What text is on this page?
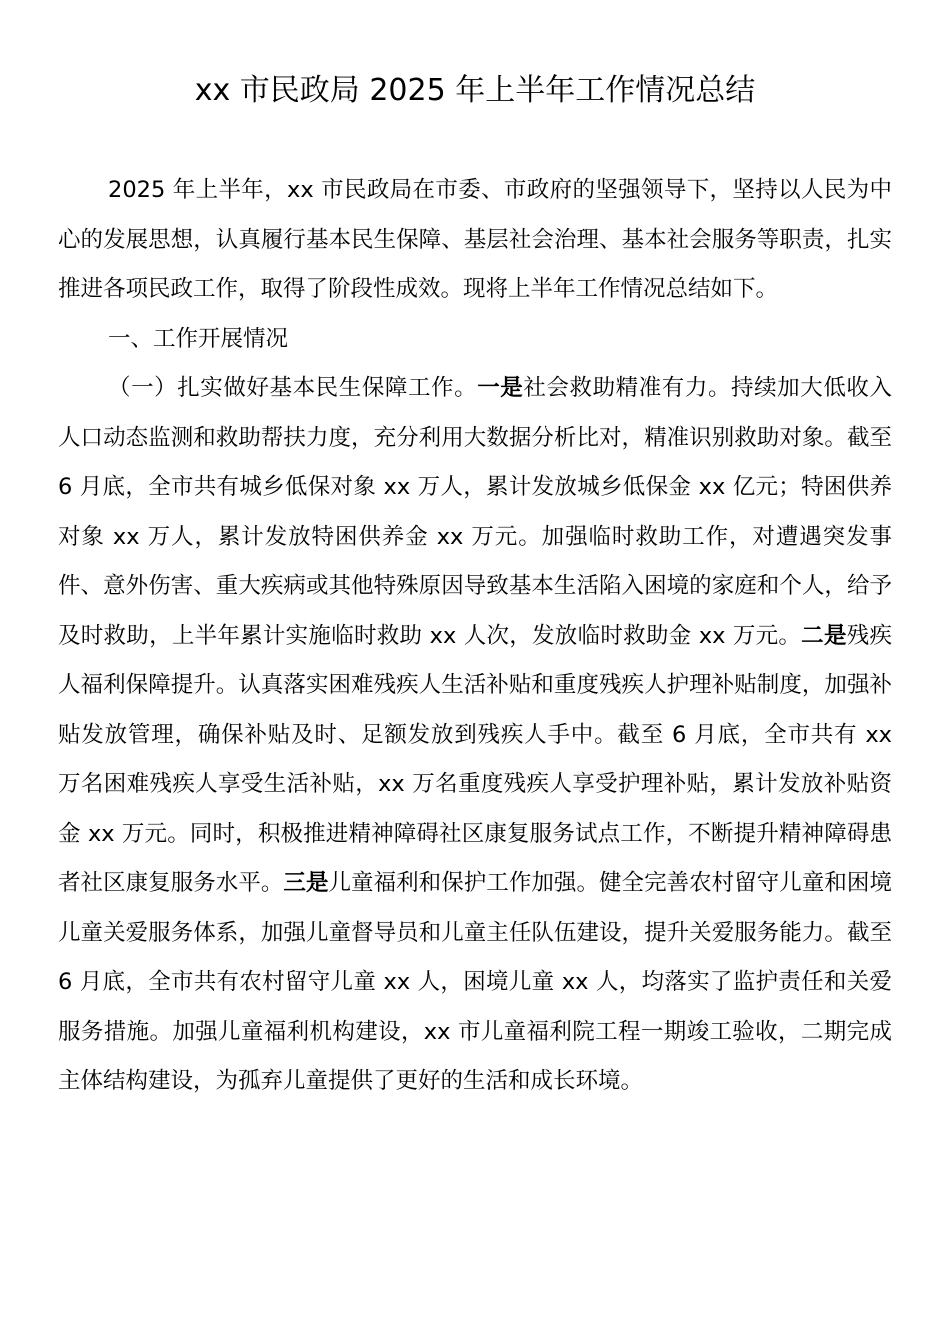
xx 市民政局 2025 年上半年工作情况总结

2025 年上半年，xx 市民政局在市委、市政府的坚强领导下，坚持以人民为中心的发展思想，认真履行基本民生保障、基层社会治理、基本社会服务等职责，扎实推进各项民政工作，取得了阶段性成效。现将上半年工作情况总结如下。

一、工作开展情况

（一）扎实做好基本民生保障工作。一是社会救助精准有力。持续加大低收入人口动态监测和救助帮扶力度，充分利用大数据分析比对，精准识别救助对象。截至 6 月底，全市共有城乡低保对象 xx 万人，累计发放城乡低保金 xx 亿元；特困供养对象 xx 万人，累计发放特困供养金 xx 万元。加强临时救助工作，对遭遇突发事件、意外伤害、重大疾病或其他特殊原因导致基本生活陷入困境的家庭和个人，给予及时救助，上半年累计实施临时救助 xx 人次，发放临时救助金 xx 万元。二是残疾人福利保障提升。认真落实困难残疾人生活补贴和重度残疾人护理补贴制度，加强补贴发放管理，确保补贴及时、足额发放到残疾人手中。截至 6 月底，全市共有 xx 万名困难残疾人享受生活补贴，xx 万名重度残疾人享受护理补贴，累计发放补贴资金 xx 万元。同时，积极推进精神障碍社区康复服务试点工作，不断提升精神障碍患者社区康复服务水平。三是儿童福利和保护工作加强。健全完善农村留守儿童和困境儿童关爱服务体系，加强儿童督导员和儿童主任队伍建设，提升关爱服务能力。截至 6 月底，全市共有农村留守儿童 xx 人，困境儿童 xx 人，均落实了监护责任和关爱服务措施。加强儿童福利机构建设，xx 市儿童福利院工程一期竣工验收，二期完成主体结构建设，为孤弃儿童提供了更好的生活和成长环境。
